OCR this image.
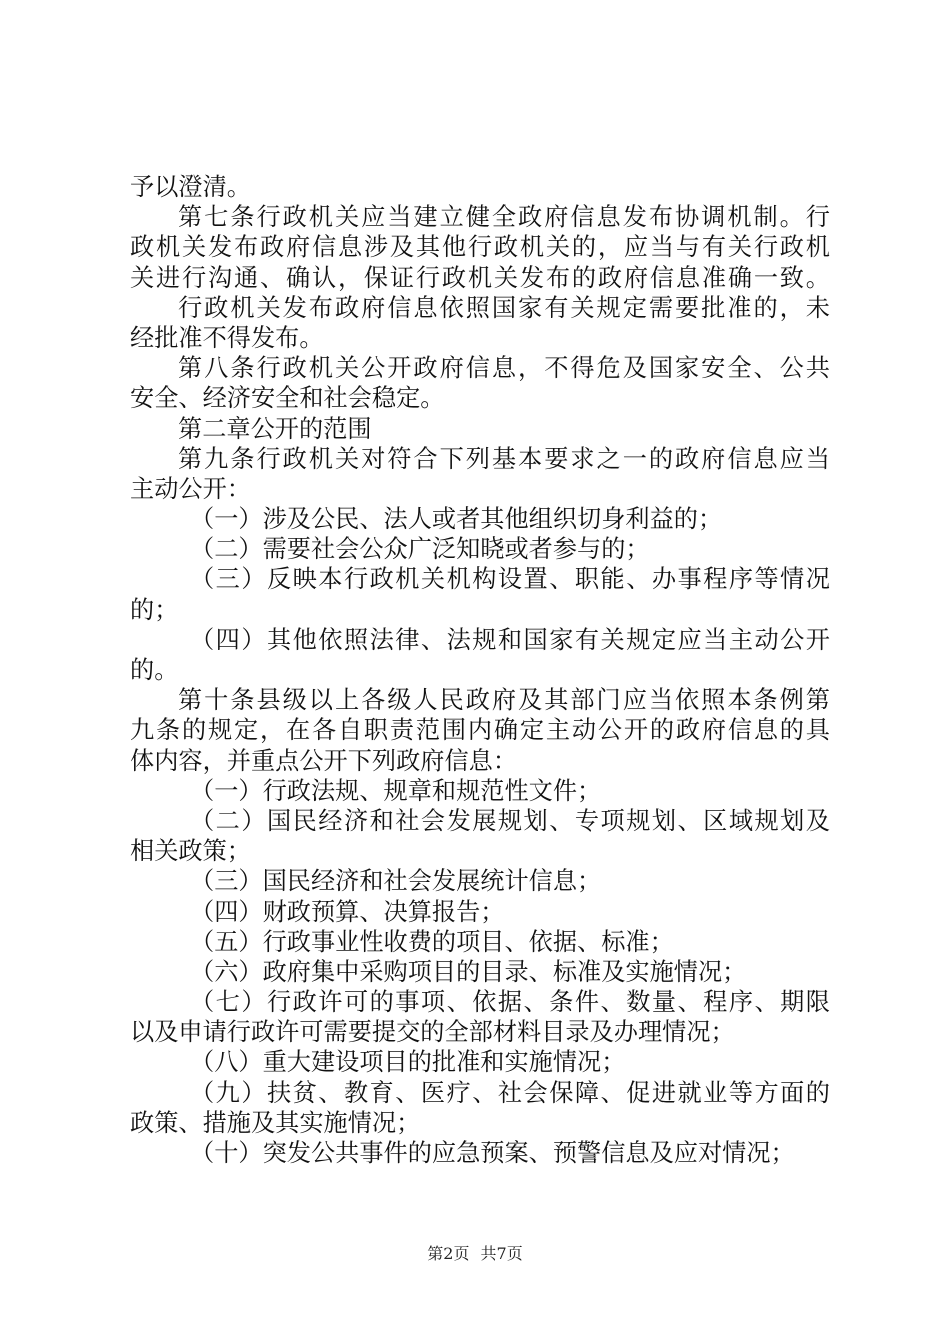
予以澄清。
第七条行政机关应当建立健全政府信息发布协调机制。行
政机关发布政府信息涉及其他行政机关的，应当与有关行政机
关进行沟通、确认，保证行政机关发布的政府信息准确一致。
行政机关发布政府信息依照国家有关规定需要批准的，未
经批准不得发布。
第八条行政机关公开政府信息，不得危及国家安全、公共
安全、经济安全和社会稳定。
第二章公开的范围
第九条行政机关对符合下列基本要求之一的政府信息应当
主动公开：
（一）涉及公民、法人或者其他组织切身利益的；
（二）需要社会公众广泛知晓或者参与的；
（三）反映本行政机关机构设置、职能、办事程序等情况
的；
（四）其他依照法律、法规和国家有关规定应当主动公开
的。
第十条县级以上各级人民政府及其部门应当依照本条例第
九条的规定，在各自职责范围内确定主动公开的政府信息的具
体内容，并重点公开下列政府信息：
（一）行政法规、规章和规范性文件；
（二）国民经济和社会发展规划、专项规划、区域规划及
相关政策；
（三）国民经济和社会发展统计信息；
（四）财政预算、决算报告；
（五）行政事业性收费的项目、依据、标准；
（六）政府集中采购项目的目录、标准及实施情况；
（七）行政许可的事项、依据、条件、数量、程序、期限
以及申请行政许可需要提交的全部材料目录及办理情况；
（八）重大建设项目的批准和实施情况；
（九）扶贫、教育、医疗、社会保障、促进就业等方面的
政策、措施及其实施情况；
（十）突发公共事件的应急预案、预警信息及应对情况；
第2页 共7页
